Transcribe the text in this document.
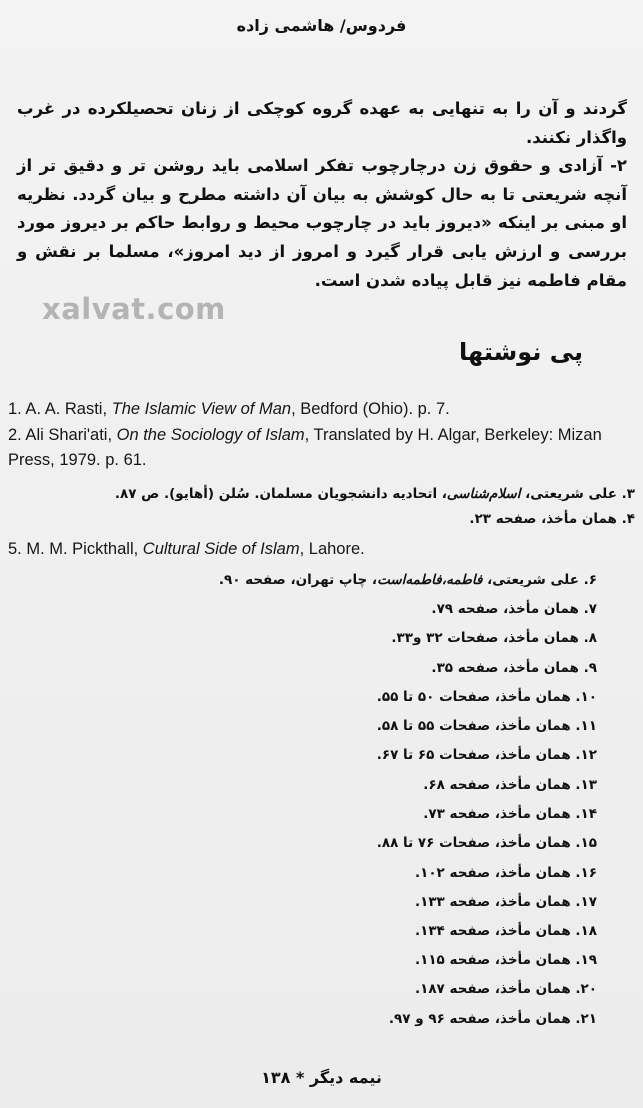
فردوس/ هاشمی زاده

گردند و آن را به تنهایی به عهده گروه کوچکی از زنان تحصیلکرده در غرب واگذار نکنند.

۲- آزادی و حقوق زن درچارچوب تفکر اسلامی باید روشن تر و دقیق تر از آنچه شریعتی تا به حال کوشش به بیان آن داشته مطرح و بیان گردد. نظریه او مبنی بر اینکه «دیروز باید در چارچوب محیط و روابط حاکم بر دیروز مورد بررسی و ارزش یابی قرار گیرد و امروز از دید امروز»، مسلما بر نقش و مقام فاطمه نیز قابل پیاده شدن است.

xalvat.com
پی نوشتها
1. A. A. Rasti, The Islamic View of Man, Bedford (Ohio). p. 7.
2. Ali Shari'ati, On the Sociology of Islam, Translated by H. Algar, Berkeley: Mizan Press, 1979. p. 61.
۳. علی شریعتی، اسلام‌شناسی، اتحادیه دانشجویان مسلمان. سُلن (أهایو). ص ۸۷.
۴. همان مأخذ، صفحه ۲۳.
5. M. M. Pickthall, Cultural Side of Islam, Lahore.
۶. علی شریعتی، فاطمه،فاطمه‌است، چاپ تهران، صفحه ۹۰.
۷. همان مأخذ، صفحه ۷۹.
۸. همان مأخذ، صفحات ۳۲ و۳۳.
۹. همان مأخذ، صفحه ۳۵.
۱۰. همان مأخذ، صفحات ۵۰ تا ۵۵.
۱۱. همان مأخذ، صفحات ۵۵ تا ۵۸.
۱۲. همان مأخذ، صفحات ۶۵ تا ۶۷.
۱۳. همان مأخذ، صفحه ۶۸.
۱۴. همان مأخذ، صفحه ۷۳.
۱۵. همان مأخذ، صفحات ۷۶ تا ۸۸.
۱۶. همان مأخذ، صفحه ۱۰۲.
۱۷. همان مأخذ، صفحه ۱۳۳.
۱۸. همان مأخذ، صفحه ۱۳۴.
۱۹. همان مأخذ، صفحه ۱۱۵.
۲۰. همان مأخذ، صفحه ۱۸۷.
۲۱. همان مأخذ، صفحه ۹۶ و ۹۷.
نیمه دیگر * ۱۳۸
